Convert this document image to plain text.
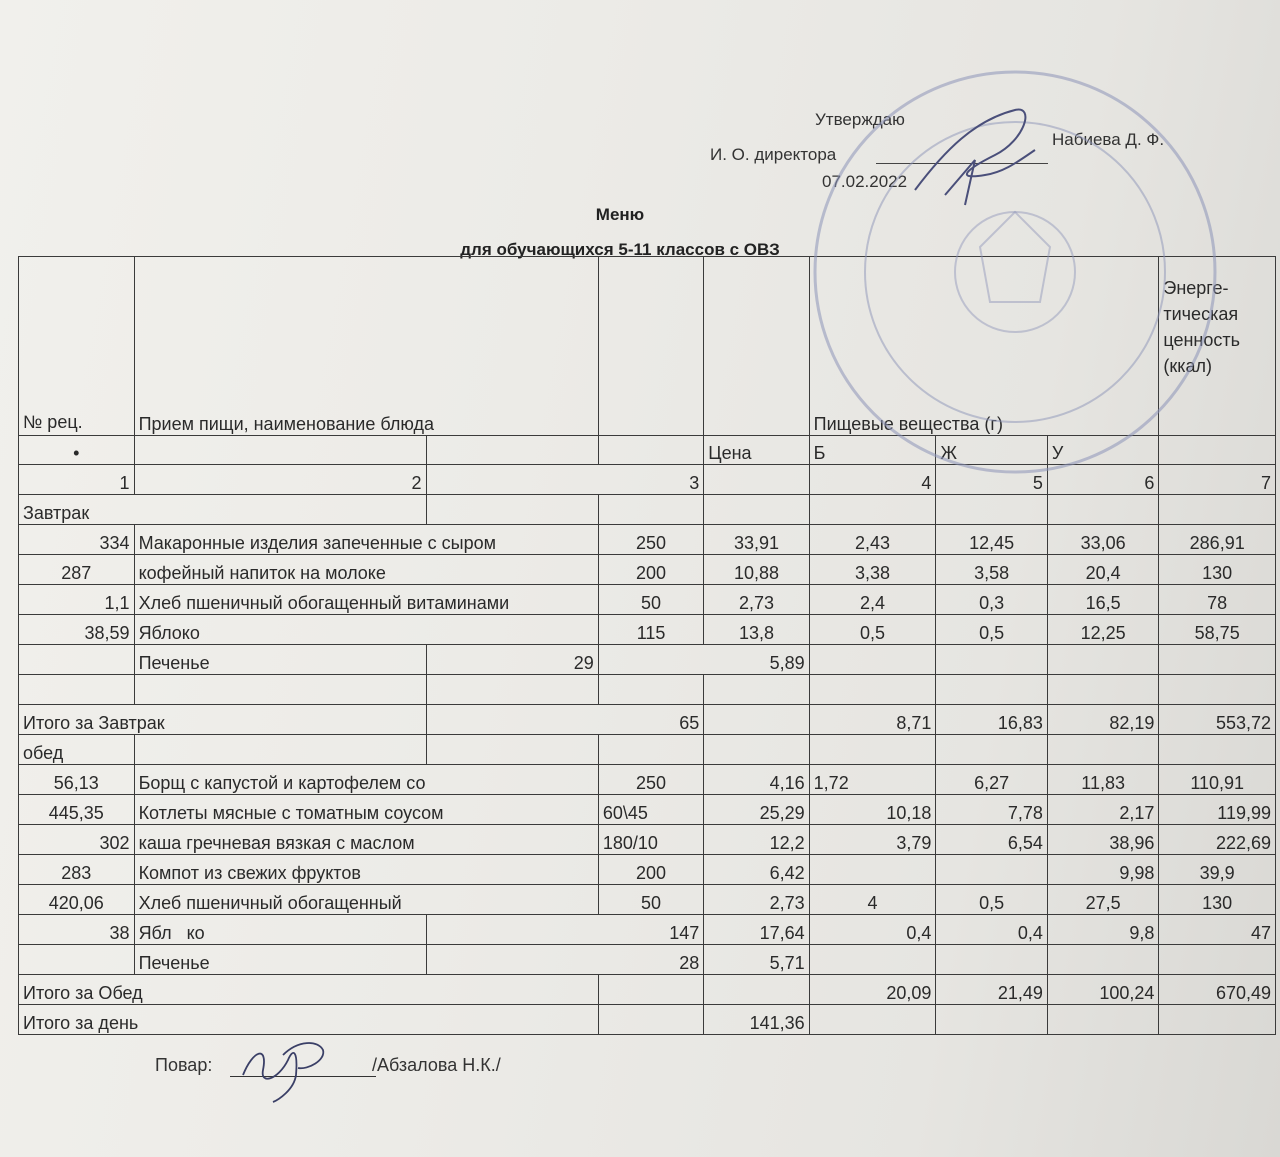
Утверждаю
И. О. директора
Набиева Д. Ф.
07.02.2022
Меню
для обучающихся 5-11 классов с ОВЗ
№ рец.	Прием пищи, наименование блюда				Пищевые вещества (г)			Энерге-тическая ценность (ккал)
•				Цена	Б	Ж	У	
1	2	3			4	5	6	7
Завтрак								
334	Макаронные изделия запеченные с сыром		250	33,91	2,43	12,45	33,06	286,91
287	кофейный напиток на молоке		200	10,88	3,38	3,58	20,4	130
1,1	Хлеб пшеничный обогащенный витаминами		50	2,73	2,4	0,3	16,5	78
38,59	Яблоко		115	13,8	0,5	0,5	12,25	58,75
	Печенье	29	5,89					

Итого за Завтрак		65			8,71	16,83	82,19	553,72
обед								
56,13	Борщ с капустой и картофелем со		250	4,16	1,72	6,27	11,83	110,91
445,35	Котлеты мясные с томатным соусом		60\45	25,29	10,18	7,78	2,17	119,99
302	каша гречневая вязкая с маслом		180/10	12,2	3,79	6,54	38,96	222,69
283	Компот из свежих фруктов		200	6,42			9,98	39,9
420,06	Хлеб пшеничный обогащенный		50	2,73	4	0,5	27,5	130
38	Ябл   ко	147		17,64	0,4	0,4	9,8	47
	Печенье	28		5,71				
Итого за Обед					20,09	21,49	100,24	670,49
Итого за день				141,36				
Повар:	/Абзалова Н.К./
